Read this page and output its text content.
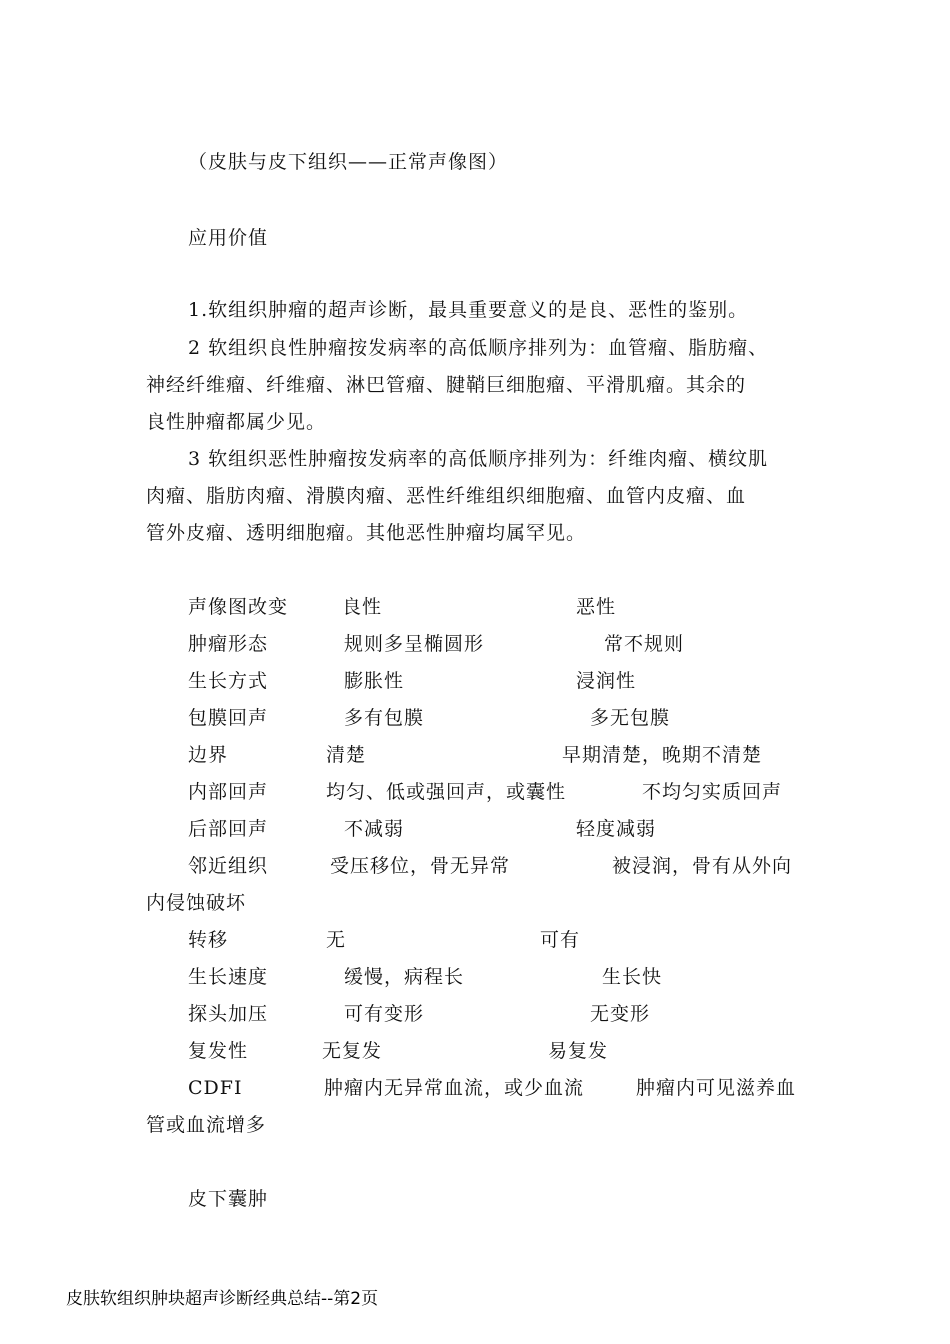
（皮肤与皮下组织——正常声像图）
应用价值
1.软组织肿瘤的超声诊断，最具重要意义的是良、恶性的鉴别。
2 软组织良性肿瘤按发病率的高低顺序排列为：血管瘤、脂肪瘤、
神经纤维瘤、纤维瘤、淋巴管瘤、腱鞘巨细胞瘤、平滑肌瘤。其余的
良性肿瘤都属少见。
3 软组织恶性肿瘤按发病率的高低顺序排列为：纤维肉瘤、横纹肌
肉瘤、脂肪肉瘤、滑膜肉瘤、恶性纤维组织细胞瘤、血管内皮瘤、血
管外皮瘤、透明细胞瘤。其他恶性肿瘤均属罕见。
声像图改变	良性	恶性
肿瘤形态	规则多呈椭圆形	常不规则
生长方式	膨胀性	浸润性
包膜回声	多有包膜	多无包膜
边界	清楚	早期清楚，晚期不清楚
内部回声	均匀、低或强回声，或囊性	不均匀实质回声
后部回声	不减弱	轻度减弱
邻近组织	受压移位，骨无异常	被浸润，骨有从外向
内侵蚀破坏
转移	无	可有
生长速度	缓慢，病程长	生长快
探头加压	可有变形	无变形
复发性	无复发	易复发
CDFI	肿瘤内无异常血流，或少血流	肿瘤内可见滋养血
管或血流增多
皮下囊肿
皮肤软组织肿块超声诊断经典总结--第2页
